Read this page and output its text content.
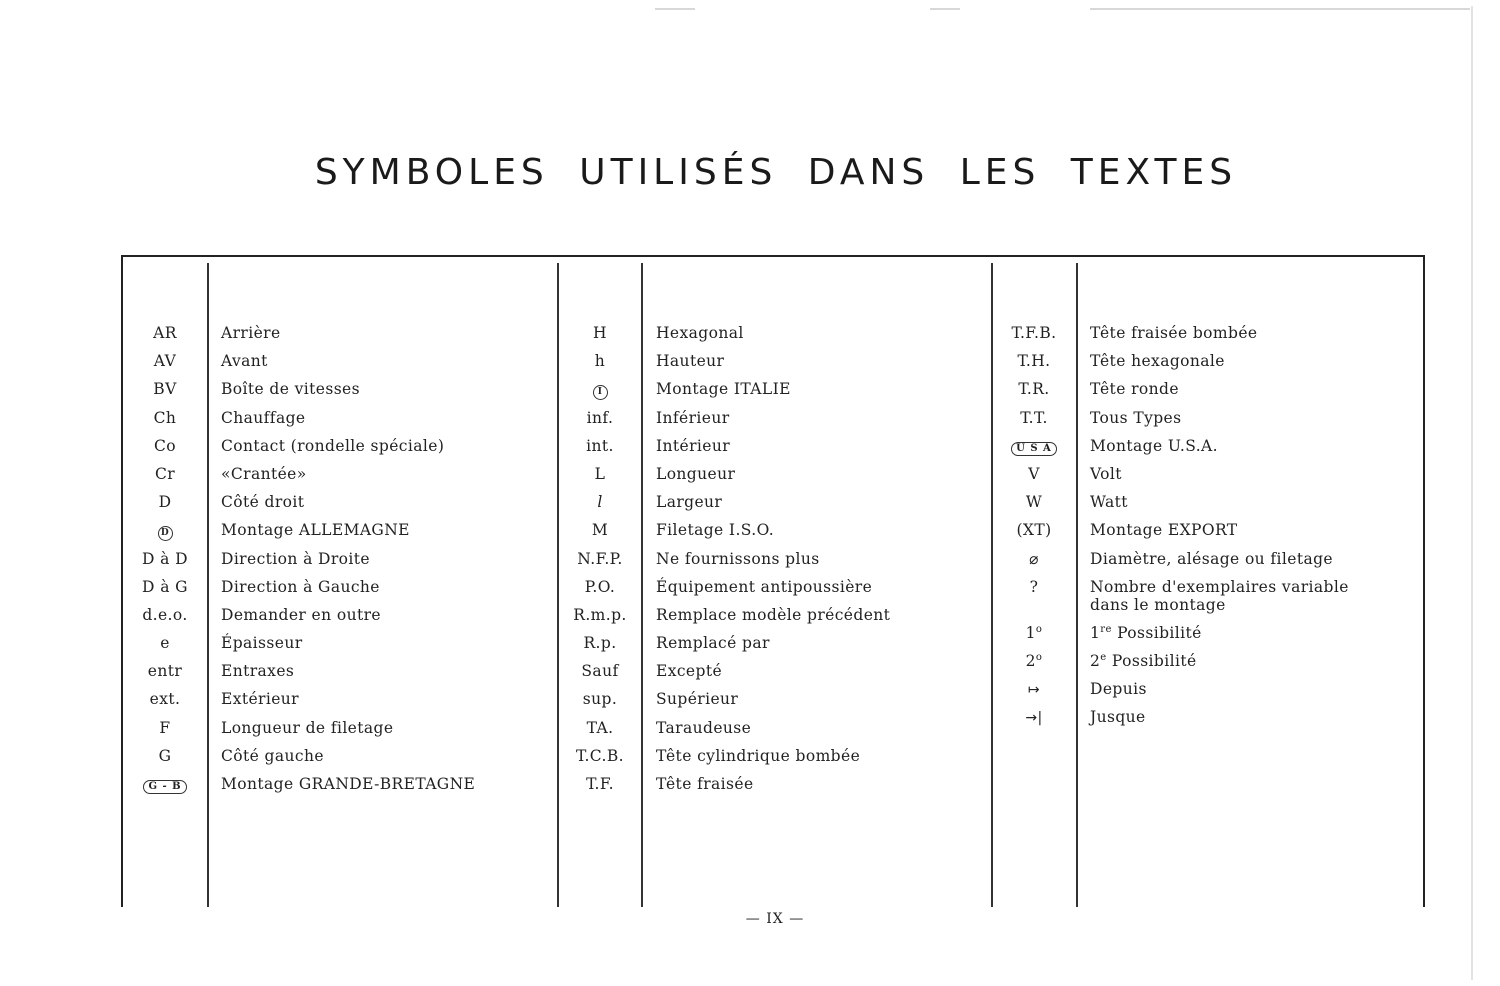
SYMBOLES UTILISÉS DANS LES TEXTES
AR	Arrière
AV	Avant
BV	Boîte de vitesses
Ch	Chauffage
Co	Contact (rondelle spéciale)
Cr	«Crantée»
D	Côté droit
D	Montage ALLEMAGNE
D à D	Direction à Droite
D à G	Direction à Gauche
d.e.o.	Demander en outre
e	Épaisseur
entr	Entraxes
ext.	Extérieur
F	Longueur de filetage
G	Côté gauche
G - B	Montage GRANDE-BRETAGNE
H	Hexagonal
h	Hauteur
I	Montage ITALIE
inf.	Inférieur
int.	Intérieur
L	Longueur
l	Largeur
M	Filetage I.S.O.
N.F.P.	Ne fournissons plus
P.O.	Équipement antipoussière
R.m.p.	Remplace modèle précédent
R.p.	Remplacé par
Sauf	Excepté
sup.	Supérieur
TA.	Taraudeuse
T.C.B.	Tête cylindrique bombée
T.F.	Tête fraisée
T.F.B.	Tête fraisée bombée
T.H.	Tête hexagonale
T.R.	Tête ronde
T.T.	Tous Types
U S A	Montage U.S.A.
V	Volt
W	Watt
(XT)	Montage EXPORT
⌀	Diamètre, alésage ou filetage
?	Nombre d'exemplaires variable
dans le montage
1$^o$	1re Possibilité
2$^o$	2e Possibilité
↦	Depuis
→|	Jusque
— IX —
